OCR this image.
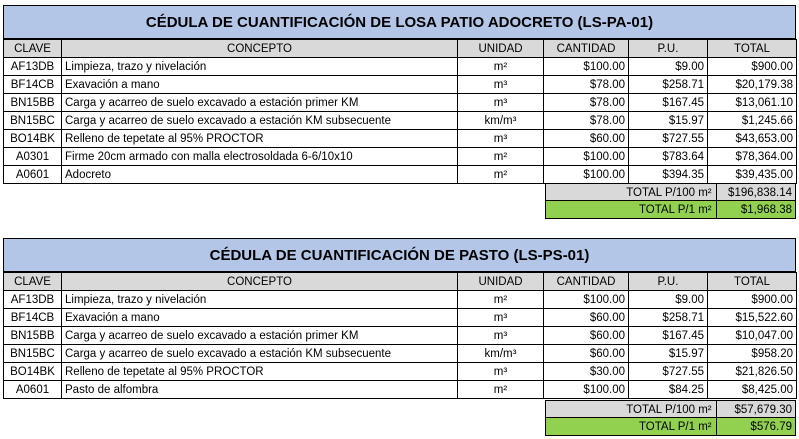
CÉDULA DE CUANTIFICACIÓN DE LOSA PATIO ADOCRETO (LS-PA-01)
CLAVE	CONCEPTO	UNIDAD	CANTIDAD	P.U.	TOTAL
AF13DB	Limpieza, trazo y nivelación	m²	$100.00	$9.00	$900.00
BF14CB	Exavación a mano	m³	$78.00	$258.71	$20,179.38
BN15BB	Carga y acarreo de suelo excavado a estación primer KM	m³	$78.00	$167.45	$13,061.10
BN15BC	Carga y acarreo de suelo excavado a estación KM subsecuente	km/m³	$78.00	$15.97	$1,245.66
BO14BK	Relleno de tepetate al 95% PROCTOR	m³	$60.00	$727.55	$43,653.00
A0301	Firme 20cm armado con malla electrosoldada 6-6/10x10	m²	$100.00	$783.64	$78,364.00
A0601	Adocreto	m²	$100.00	$394.35	$39,435.00
TOTAL P/100 m²	$196,838.14
TOTAL P/1 m²	$1,968.38
CÉDULA DE CUANTIFICACIÓN DE PASTO (LS-PS-01)
CLAVE	CONCEPTO	UNIDAD	CANTIDAD	P.U.	TOTAL
AF13DB	Limpieza, trazo y nivelación	m²	$100.00	$9.00	$900.00
BF14CB	Exavación a mano	m³	$60.00	$258.71	$15,522.60
BN15BB	Carga y acarreo de suelo excavado a estación primer KM	m³	$60.00	$167.45	$10,047.00
BN15BC	Carga y acarreo de suelo excavado a estación KM subsecuente	km/m³	$60.00	$15.97	$958.20
BO14BK	Relleno de tepetate al 95% PROCTOR	m³	$30.00	$727.55	$21,826.50
A0601	Pasto de alfombra	m²	$100.00	$84.25	$8,425.00
TOTAL P/100 m²	$57,679.30
TOTAL P/1 m²	$576.79
